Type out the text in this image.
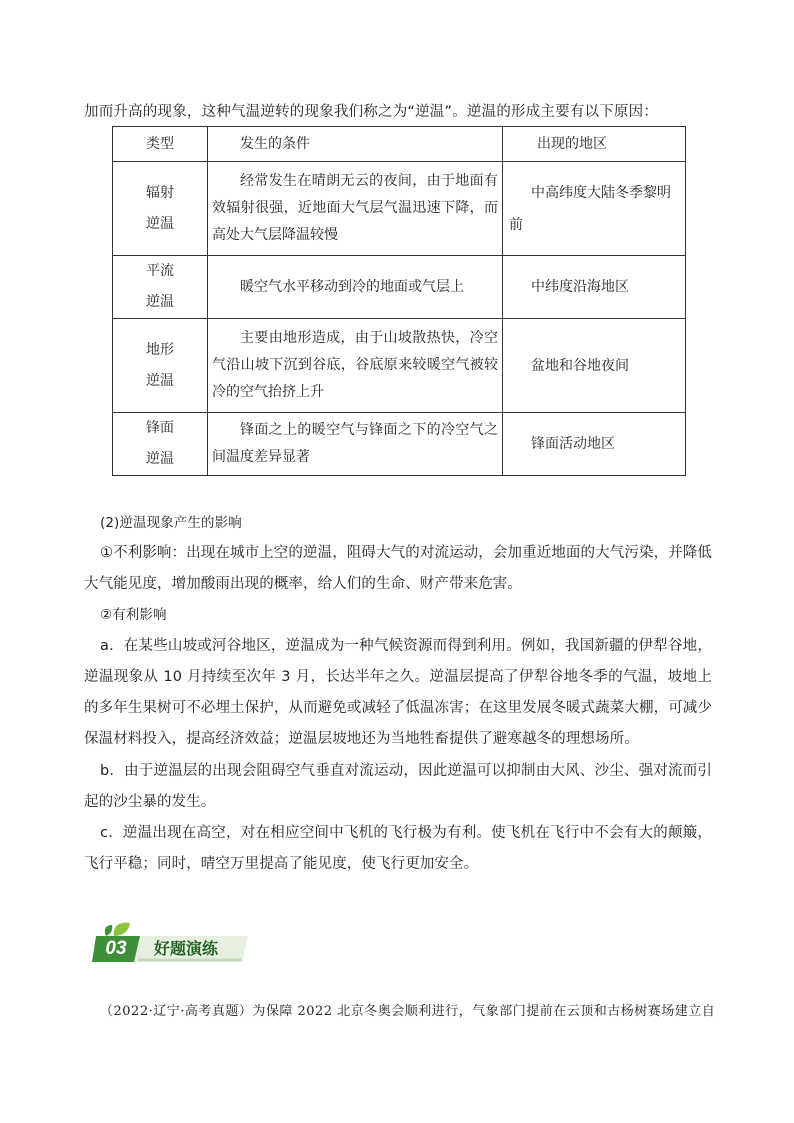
加而升高的现象，这种气温逆转的现象我们称之为“逆温”。逆温的形成主要有以下原因：
类型	发生的条件	出现的地区

辐射逆温	经常发生在晴朗无云的夜间，由于地面有效辐射很强，近地面大气层气温迅速下降，而高处大气层降温较慢	中高纬度大陆冬季黎明前

平流逆温	暖空气水平移动到冷的地面或气层上	中纬度沿海地区

地形逆温	主要由地形造成，由于山坡散热快，冷空气沿山坡下沉到谷底，谷底原来较暖空气被较冷的空气抬挤上升	盆地和谷地夜间

锋面逆温	锋面之上的暖空气与锋面之下的冷空气之间温度差异显著	锋面活动地区
(2)逆温现象产生的影响
①不利影响：出现在城市上空的逆温，阻碍大气的对流运动，会加重近地面的大气污染，并降低大气能见度，增加酸雨出现的概率，给人们的生命、财产带来危害。
②有利影响
a．在某些山坡或河谷地区，逆温成为一种气候资源而得到利用。例如，我国新疆的伊犁谷地，逆温现象从 10 月持续至次年 3 月，长达半年之久。逆温层提高了伊犁谷地冬季的气温，坡地上的多年生果树可不必埋土保护，从而避免或减轻了低温冻害；在这里发展冬暖式蔬菜大棚，可减少保温材料投入，提高经济效益；逆温层坡地还为当地牲畜提供了避寒越冬的理想场所。
b．由于逆温层的出现会阻碍空气垂直对流运动，因此逆温可以抑制由大风、沙尘、强对流而引起的沙尘暴的发生。
c．逆温出现在高空，对在相应空间中飞机的飞行极为有利。使飞机在飞行中不会有大的颠簸，飞行平稳；同时，晴空万里提高了能见度，使飞行更加安全。
03	好题演练
（2022·辽宁·高考真题）为保障 2022 北京冬奥会顺利进行，气象部门提前在云顶和古杨树赛场建立自
